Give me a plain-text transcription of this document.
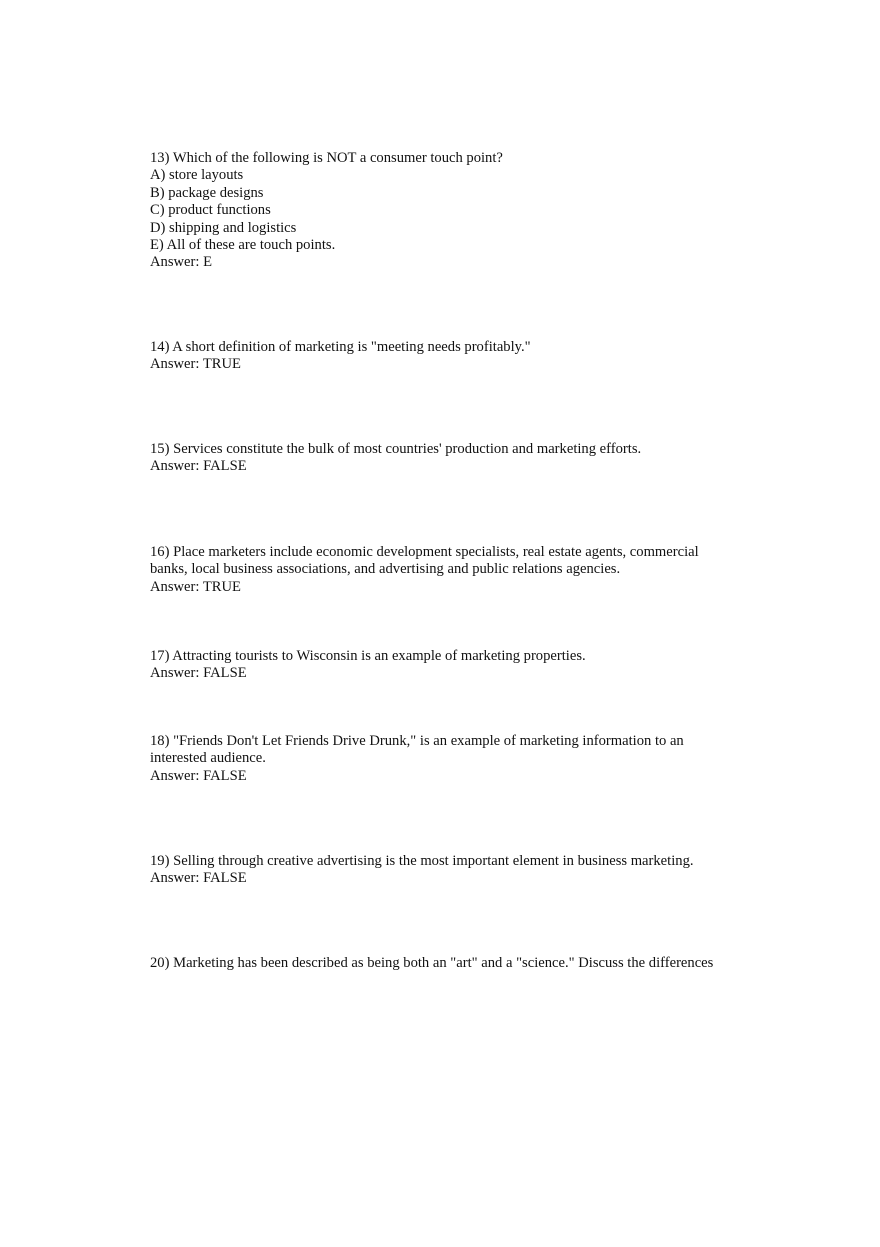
13) Which of the following is NOT a consumer touch point?
A) store layouts
B) package designs
C) product functions
D) shipping and logistics
E) All of these are touch points.
Answer: E
14) A short definition of marketing is "meeting needs profitably."
Answer: TRUE
15) Services constitute the bulk of most countries' production and marketing efforts.
Answer: FALSE
16) Place marketers include economic development specialists, real estate agents, commercial
banks, local business associations, and advertising and public relations agencies.
Answer: TRUE
17) Attracting tourists to Wisconsin is an example of marketing properties.
Answer: FALSE
18) "Friends Don't Let Friends Drive Drunk," is an example of marketing information to an
interested audience.
Answer: FALSE
19) Selling through creative advertising is the most important element in business marketing.
Answer: FALSE
20) Marketing has been described as being both an "art" and a "science." Discuss the differences
